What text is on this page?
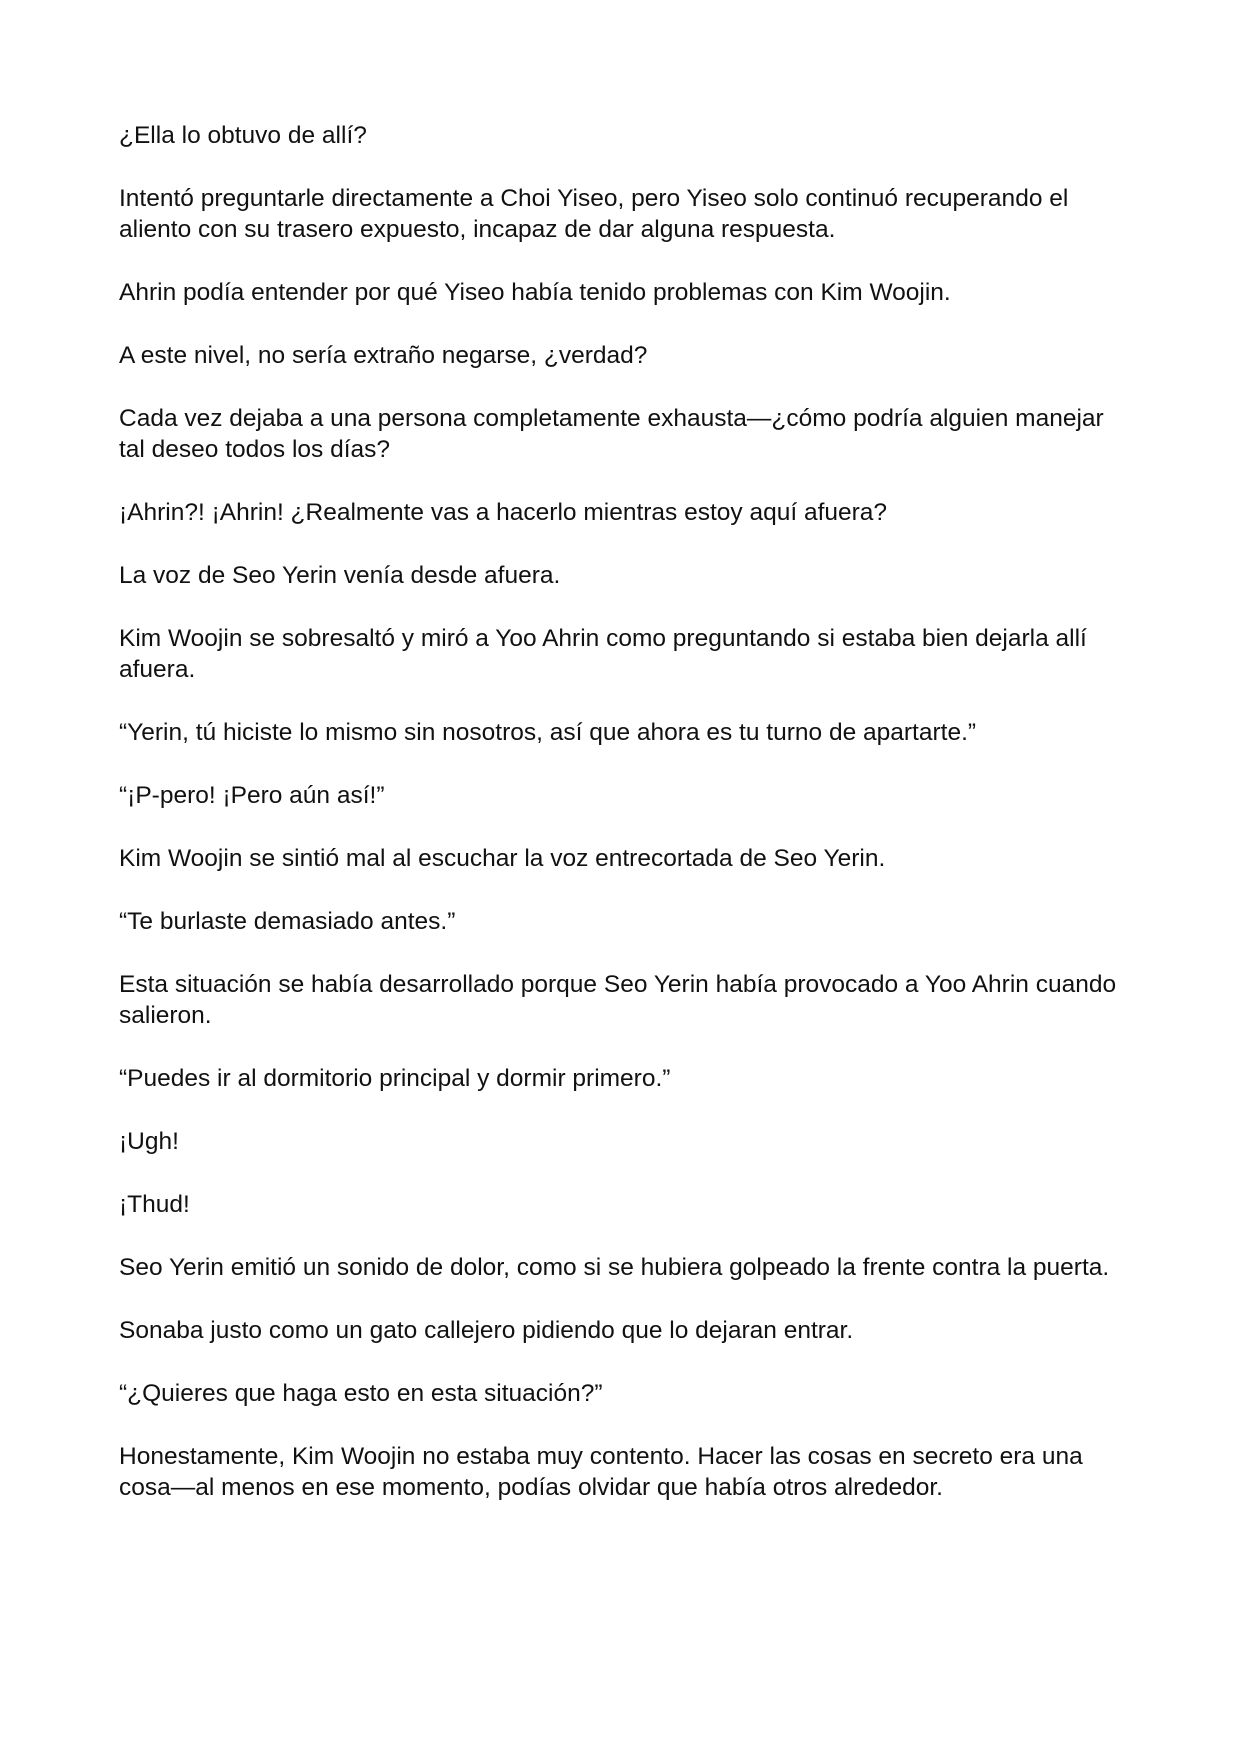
¿Ella lo obtuvo de allí?

Intentó preguntarle directamente a Choi Yiseo, pero Yiseo solo continuó recuperando el aliento con su trasero expuesto, incapaz de dar alguna respuesta.

Ahrin podía entender por qué Yiseo había tenido problemas con Kim Woojin.

A este nivel, no sería extraño negarse, ¿verdad?

Cada vez dejaba a una persona completamente exhausta—¿cómo podría alguien manejar tal deseo todos los días?

¡Ahrin?! ¡Ahrin! ¿Realmente vas a hacerlo mientras estoy aquí afuera?

La voz de Seo Yerin venía desde afuera.

Kim Woojin se sobresaltó y miró a Yoo Ahrin como preguntando si estaba bien dejarla allí afuera.

“Yerin, tú hiciste lo mismo sin nosotros, así que ahora es tu turno de apartarte.”

“¡P-pero! ¡Pero aún así!”

Kim Woojin se sintió mal al escuchar la voz entrecortada de Seo Yerin.

“Te burlaste demasiado antes.”

Esta situación se había desarrollado porque Seo Yerin había provocado a Yoo Ahrin cuando salieron.

“Puedes ir al dormitorio principal y dormir primero.”

¡Ugh!

¡Thud!

Seo Yerin emitió un sonido de dolor, como si se hubiera golpeado la frente contra la puerta.

Sonaba justo como un gato callejero pidiendo que lo dejaran entrar.

“¿Quieres que haga esto en esta situación?”

Honestamente, Kim Woojin no estaba muy contento. Hacer las cosas en secreto era una cosa—al menos en ese momento, podías olvidar que había otros alrededor.
